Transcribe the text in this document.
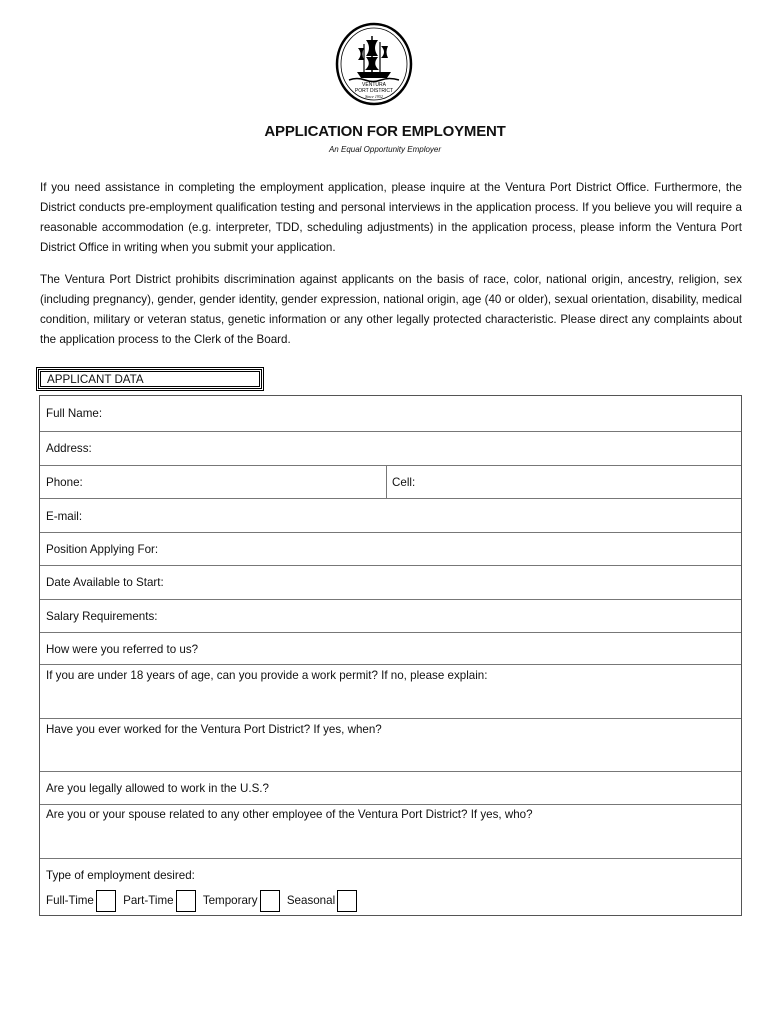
VENTURA
PORT DISTRICT
Since 1952
APPLICATION FOR EMPLOYMENT
An Equal Opportunity Employer
If you need assistance in completing the employment application, please inquire at the Ventura Port District Office. Furthermore, the District conducts pre-employment qualification testing and personal interviews in the application process. If you believe you will require a reasonable accommodation (e.g. interpreter, TDD, scheduling adjustments) in the application process, please inform the Ventura Port District Office in writing when you submit your application.
The Ventura Port District prohibits discrimination against applicants on the basis of race, color, national origin, ancestry, religion, sex (including pregnancy), gender, gender identity, gender expression, national origin, age (40 or older), sexual orientation, disability, medical condition, military or veteran status, genetic information or any other legally protected characteristic. Please direct any complaints about the application process to the Clerk of the Board.
APPLICANT DATA
Full Name:
Address:
Phone:	Cell:
E-mail:
Position Applying For:
Date Available to Start:
Salary Requirements:
How were you referred to us?
If you are under 18 years of age, can you provide a work permit? If no, please explain:
Have you ever worked for the Ventura Port District? If yes, when?
Are you legally allowed to work in the U.S.?
Are you or your spouse related to any other employee of the Ventura Port District? If yes, who?
Type of employment desired:
Full-Time	Part-Time	Temporary	Seasonal
